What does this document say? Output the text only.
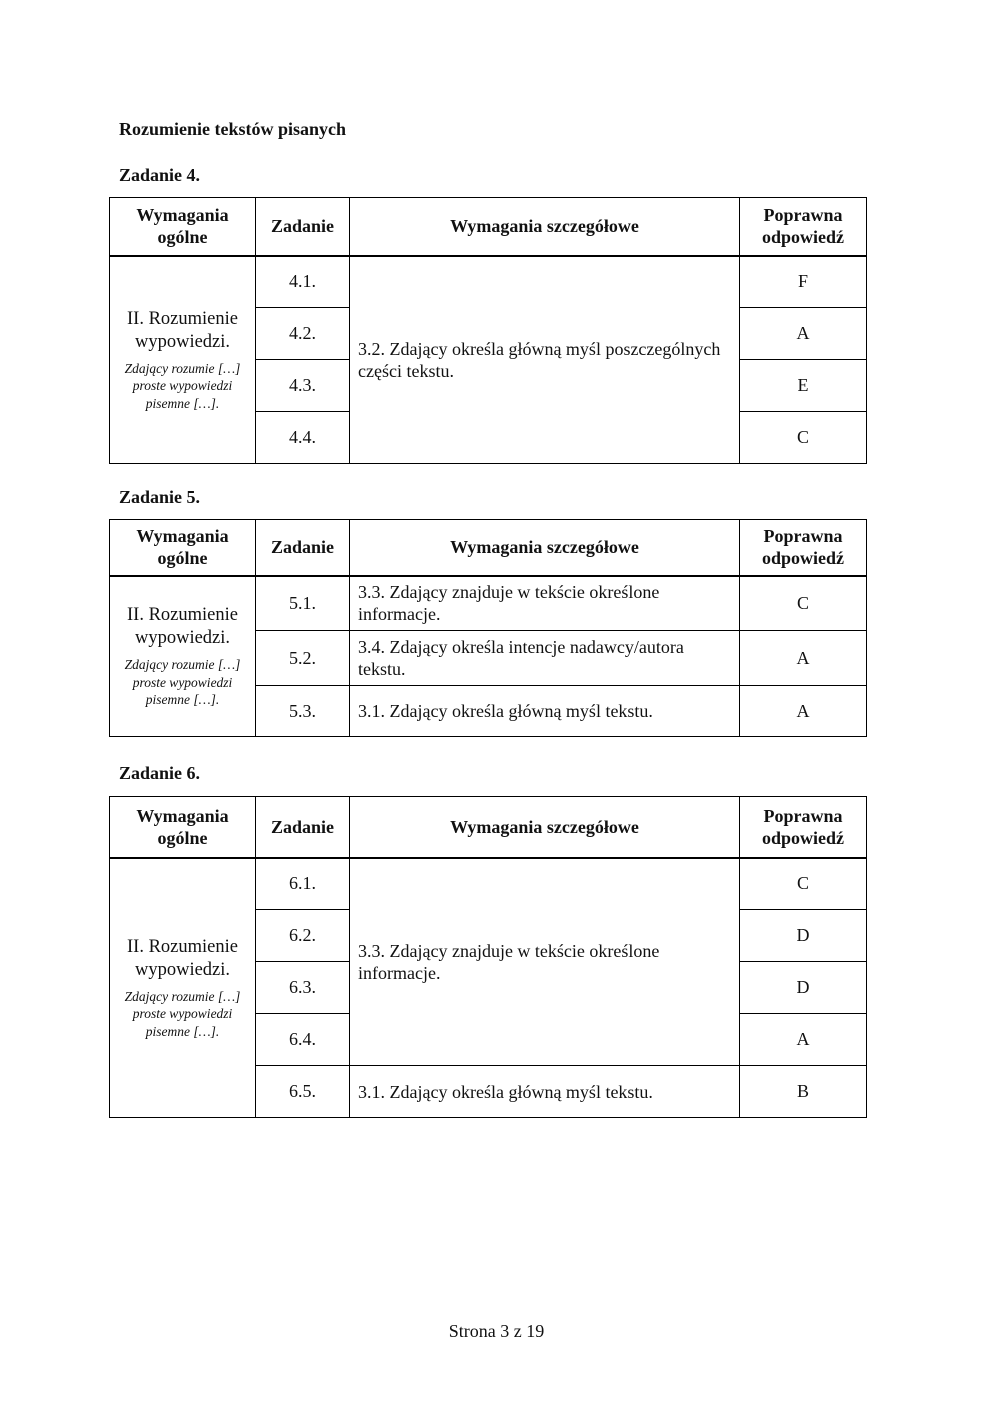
Rozumienie tekstów pisanych
Zadanie 4.
Wymagania ogólne	Zadanie	Wymagania szczegółowe	Poprawna odpowiedź

II. Rozumienie wypowiedzi.
Zdający rozumie […] proste wypowiedzi pisemne […].	4.1.	3.2. Zdający określa główną myśl poszczególnych części tekstu.	F
	4.2.		A
	4.3.		E
	4.4.		C
Zadanie 5.
Wymagania ogólne	Zadanie	Wymagania szczegółowe	Poprawna odpowiedź

II. Rozumienie wypowiedzi.
Zdający rozumie […] proste wypowiedzi pisemne […].	5.1.	3.3. Zdający znajduje w tekście określone informacje.	C
	5.2.	3.4. Zdający określa intencje nadawcy/autora tekstu.	A
	5.3.	3.1. Zdający określa główną myśl tekstu.	A
Zadanie 6.
Wymagania ogólne	Zadanie	Wymagania szczegółowe	Poprawna odpowiedź

II. Rozumienie wypowiedzi.
Zdający rozumie […] proste wypowiedzi pisemne […].	6.1.	3.3. Zdający znajduje w tekście określone informacje.	C
	6.2.		D
	6.3.		D
	6.4.		A
	6.5.	3.1. Zdający określa główną myśl tekstu.	B
Strona 3 z 19
